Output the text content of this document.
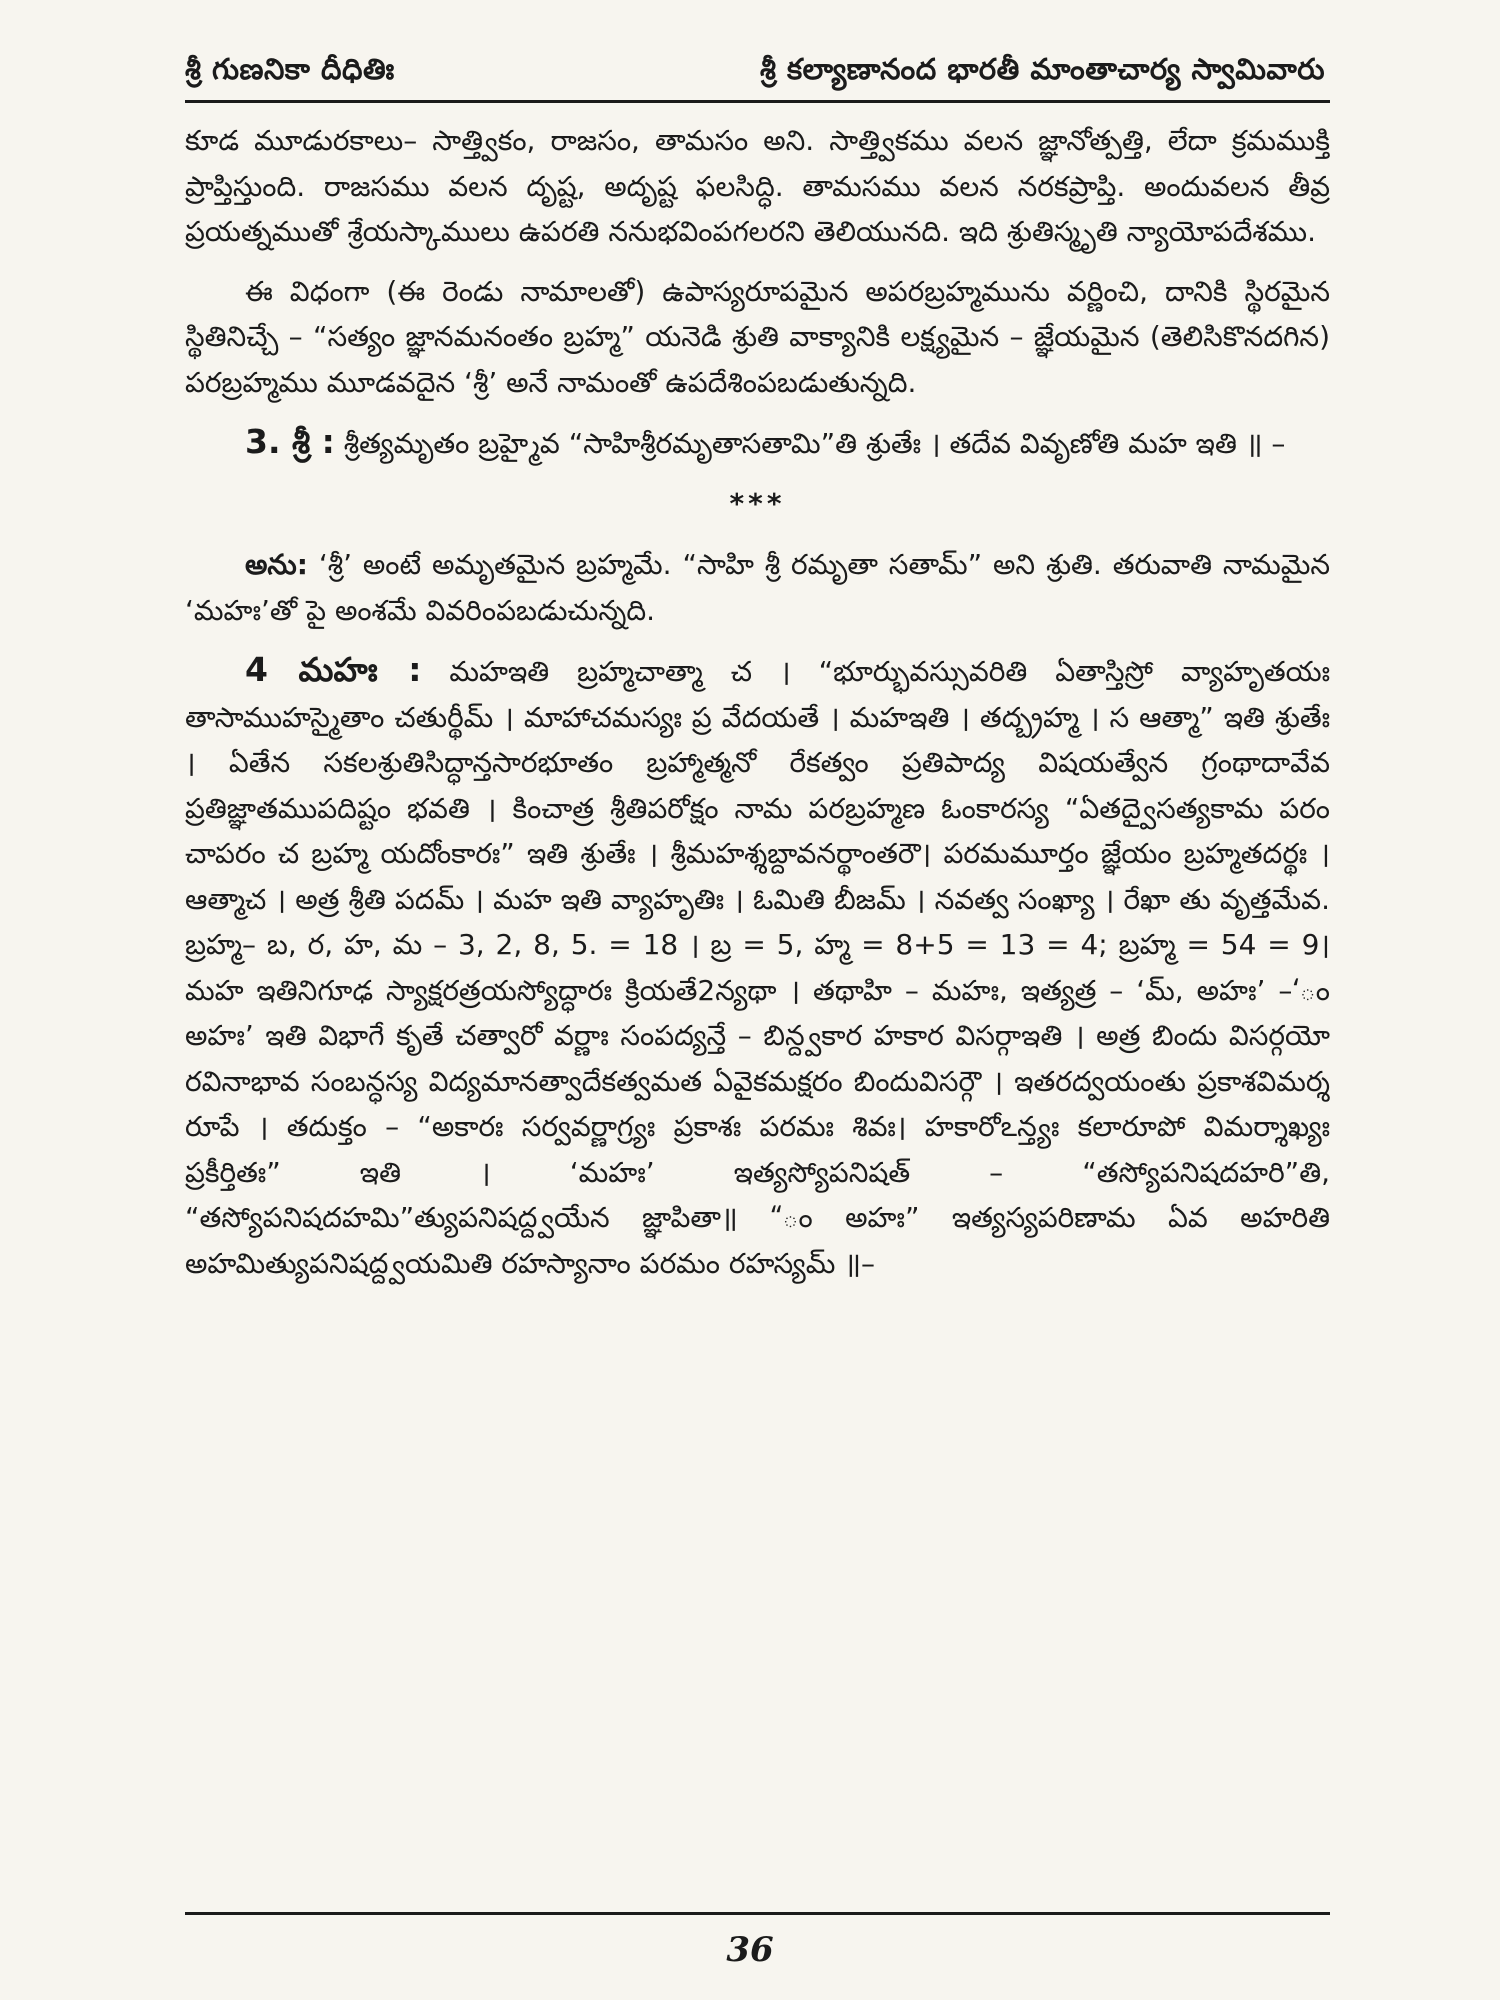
శ్రీ గుణనికా దీధితిః	శ్రీ కల్యాణానంద భారతీ మాంతాచార్య స్వామివారు

కూడ మూడురకాలు– సాత్త్వికం, రాజసం, తామసం అని. సాత్త్వికము వలన జ్ఞానోత్పత్తి, లేదా క్రమముక్తి ప్రాప్తిస్తుంది. రాజసము వలన దృష్ట, అదృష్ట ఫలసిద్ధి. తామసము వలన నరకప్రాప్తి. అందువలన తీవ్ర ప్రయత్నముతో శ్రేయస్కాములు ఉపరతి ననుభవింపగలరని తెలియునది. ఇది శ్రుతిస్మృతి న్యాయోపదేశము.

ఈ విధంగా (ఈ రెండు నామాలతో) ఉపాస్యరూపమైన అపరబ్రహ్మమును వర్ణించి, దానికి స్థిరమైన స్థితినిచ్చే – “సత్యం జ్ఞానమనంతం బ్రహ్మ” యనెడి శ్రుతి వాక్యానికి లక్ష్యమైన – జ్ఞేయమైన (తెలిసికొనదగిన) పరబ్రహ్మము మూడవదైన ‘శ్రీ’ అనే నామంతో ఉపదేశింపబడుతున్నది.

3. శ్రీ : శ్రీత్యమృతం బ్రహ్మైవ “సాహిశ్రీరమృతాసతామి”తి శ్రుతేః । తదేవ వివృణోతి మహ ఇతి ॥ –

***

అను: ‘శ్రీ’ అంటే అమృతమైన బ్రహ్మమే. “సాహి శ్రీ రమృతా సతామ్” అని శ్రుతి. తరువాతి నామమైన ‘మహః’తో పై అంశమే వివరింపబడుచున్నది.

4 మహః : మహఇతి బ్రహ్మచాత్మా చ । “భూర్భువస్సువరితి ఏతాస్తిస్రో వ్యాహృతయః తాసాముహస్మైతాం చతుర్థీమ్ । మాహాచమస్యః ప్ర వేదయతే । మహఇతి । తద్బ్రహ్మ । స ఆత్మా” ఇతి శ్రుతేః । ఏతేన సకలశ్రుతిసిద్ధాన్తసారభూతం బ్రహ్మాత్మనో రేకత్వం ప్రతిపాద్య విషయత్వేన గ్రంథాదావేవ ప్రతిజ్ఞాతముపదిష్టం భవతి । కించాత్ర శ్రీతిపరోక్షం నామ పరబ్రహ్మణ ఓంకారస్య “ఏతద్వైసత్యకామ పరం చాపరం చ బ్రహ్మ యదోంకారః” ఇతి శ్రుతేః । శ్రీమహశ్శబ్దావనర్థాంతరౌ। పరమమూర్తం జ్ఞేయం బ్రహ్మతదర్థః । ఆత్మాచ । అత్ర శ్రీతి పదమ్ । మహ ఇతి వ్యాహృతిః । ఓమితి బీజమ్ । నవత్వ సంఖ్యా । రేఖా తు వృత్తమేవ. బ్రహ్మ– బ, ర, హ, మ – 3, 2, 8, 5. = 18 । బ్ర = 5, హ్మ = 8+5 = 13 = 4; బ్రహ్మ = 54 = 9। మహ ఇతినిగూఢ స్యాక్షరత్రయస్యోద్ధారః క్రియతే2న్యథా । తథాహి – మహః, ఇత్యత్ర – ‘మ్, అహః’ –‘ం అహః’ ఇతి విభాగే కృతే చత్వారో వర్ణాః సంపద్యన్తే – బిన్ద్వకార హకార విసర్గాఇతి । అత్ర బిందు విసర్గయో రవినాభావ సంబన్ధస్య విద్యమానత్వాదేకత్వమత ఏవైకమక్షరం బిందువిసర్గౌ । ఇతరద్వయంతు ప్రకాశవిమర్శ రూపే । తదుక్తం – “అకారః సర్వవర్ణాగ్ర్యః ప్రకాశః పరమః శివః। హకారోఽన్త్యః కలారూపో విమర్శాఖ్యః ప్రకీర్తితః” ఇతి । ‘మహః’ ఇత్యస్యోపనిషత్ – “తస్యోపనిషదహరి”తి, “తస్యోపనిషదహమి”త్యుపనిషద్ద్వయేన జ్ఞాపితా॥ “ం అహః” ఇత్యస్యపరిణామ ఏవ అహరితి అహమిత్యుపనిషద్ద్వయమితి రహస్యానాం పరమం రహస్యమ్ ॥–

36
